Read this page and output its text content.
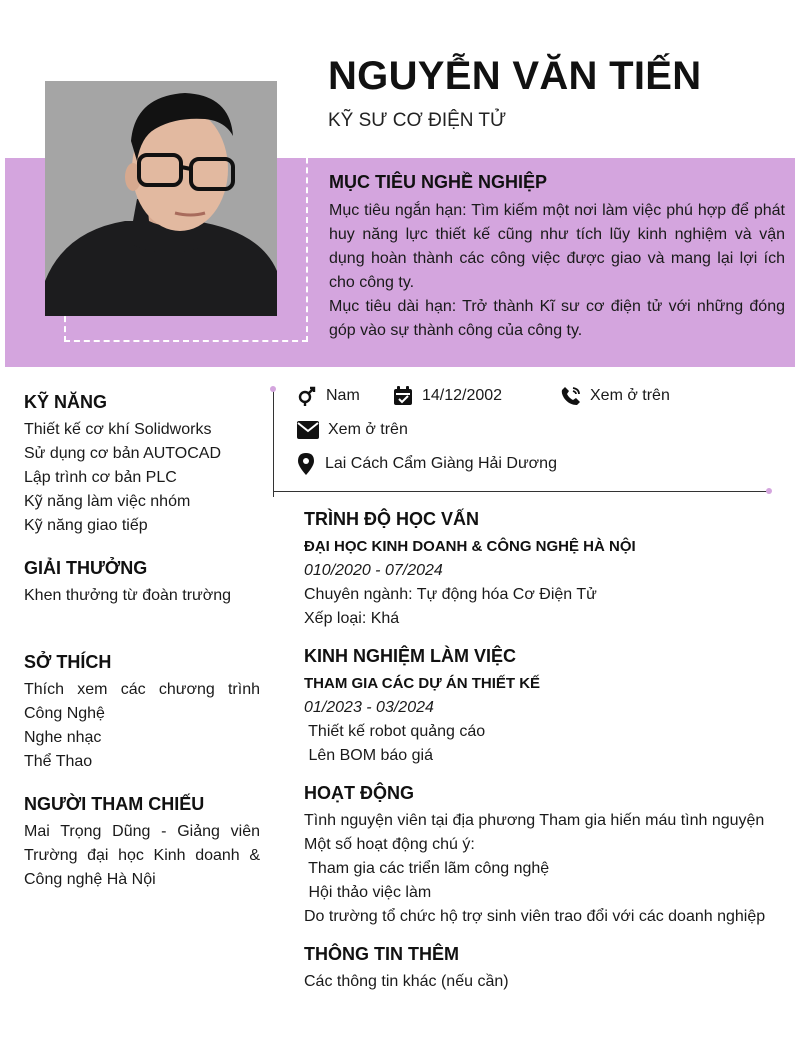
NGUYỄN VĂN TIẾN
KỸ SƯ CƠ ĐIỆN TỬ
MỤC TIÊU NGHỀ NGHIỆP

Mục tiêu ngắn hạn: Tìm kiếm một nơi làm việc phú hợp để phát huy năng lực thiết kế cũng như tích lũy kinh nghiệm và vận dụng hoàn thành các công việc được giao và mang lại lợi ích cho công ty.

Mục tiêu dài hạn: Trở thành Kĩ sư cơ điện tử với những đóng góp vào sự thành công của công ty.

KỸ NĂNG
Thiết kế cơ khí Solidworks
Sử dụng cơ bản AUTOCAD
Lập trình cơ bản PLC
Kỹ năng làm việc nhóm
Kỹ năng giao tiếp
GIẢI THƯỞNG
Khen thưởng từ đoàn trường
SỞ THÍCH
Thích xem các chương trình Công Nghệ
Nghe nhạc
Thể Thao
NGƯỜI THAM CHIẾU
Mai Trọng Dũng - Giảng viên Trường đại học Kinh doanh & Công nghệ Hà Nội
Nam	14/12/2002	Xem ở trên
Xem ở trên
Lai Cách Cẩm Giàng Hải Dương
TRÌNH ĐỘ HỌC VẤN
ĐẠI HỌC KINH DOANH & CÔNG NGHỆ HÀ NỘI
010/2020 - 07/2024
Chuyên ngành: Tự động hóa Cơ Điện Tử
Xếp loại: Khá
KINH NGHIỆM LÀM VIỆC
THAM GIA CÁC DỰ ÁN THIẾT KẾ
01/2023 - 03/2024
Thiết kế robot quảng cáo
Lên BOM báo giá
HOẠT ĐỘNG
Tình nguyện viên tại địa phương Tham gia hiến máu tình nguyện
Một số hoạt động chú ý:
Tham gia các triển lãm công nghệ
Hội thảo việc làm
Do trường tổ chức hộ trợ sinh viên trao đổi với các doanh nghiệp
THÔNG TIN THÊM
Các thông tin khác (nếu cần)
